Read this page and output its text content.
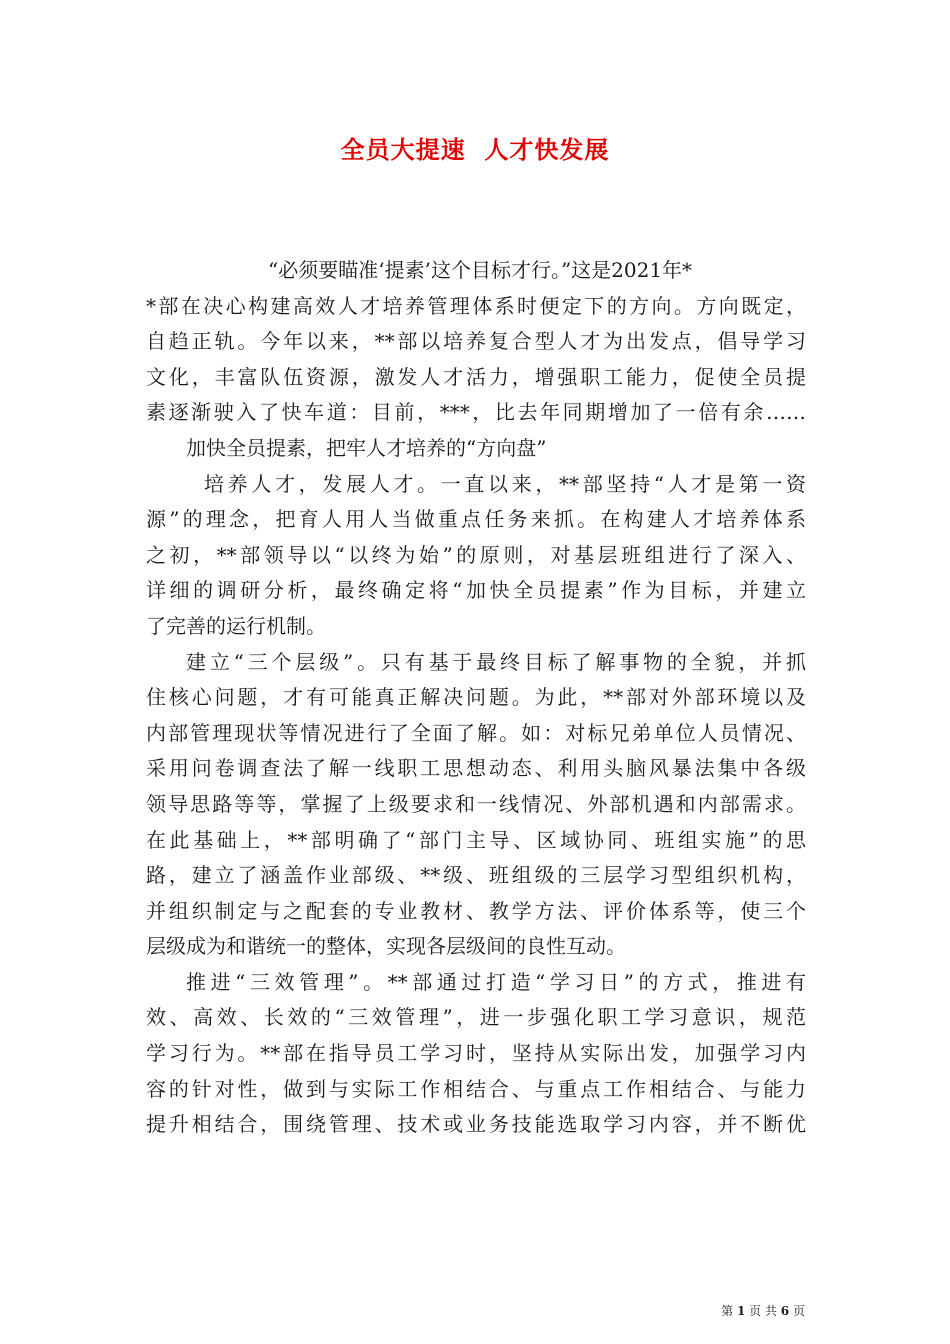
全员大提速  人才快发展
“必须要瞄准‘提素’这个目标才行。”这是2021年*
*部在决心构建高效人才培养管理体系时便定下的方向。方向既定，
自趋正轨。今年以来，**部以培养复合型人才为出发点，倡导学习
文化，丰富队伍资源，激发人才活力，增强职工能力，促使全员提
素逐渐驶入了快车道：目前，***，比去年同期增加了一倍有余……
加快全员提素，把牢人才培养的“方向盘”
培养人才，发展人才。一直以来，**部坚持“人才是第一资
源”的理念，把育人用人当做重点任务来抓。在构建人才培养体系
之初，**部领导以“以终为始”的原则，对基层班组进行了深入、
详细的调研分析，最终确定将“加快全员提素”作为目标，并建立
了完善的运行机制。
建立“三个层级”。只有基于最终目标了解事物的全貌，并抓
住核心问题，才有可能真正解决问题。为此，**部对外部环境以及
内部管理现状等情况进行了全面了解。如：对标兄弟单位人员情况、
采用问卷调查法了解一线职工思想动态、利用头脑风暴法集中各级
领导思路等等，掌握了上级要求和一线情况、外部机遇和内部需求。
在此基础上，**部明确了“部门主导、区域协同、班组实施”的思
路，建立了涵盖作业部级、**级、班组级的三层学习型组织机构，
并组织制定与之配套的专业教材、教学方法、评价体系等，使三个
层级成为和谐统一的整体，实现各层级间的良性互动。
推进“三效管理”。**部通过打造“学习日”的方式，推进有
效、高效、长效的“三效管理”，进一步强化职工学习意识，规范
学习行为。**部在指导员工学习时，坚持从实际出发，加强学习内
容的针对性，做到与实际工作相结合、与重点工作相结合、与能力
提升相结合，围绕管理、技术或业务技能选取学习内容，并不断优
第 1 页 共 6 页
